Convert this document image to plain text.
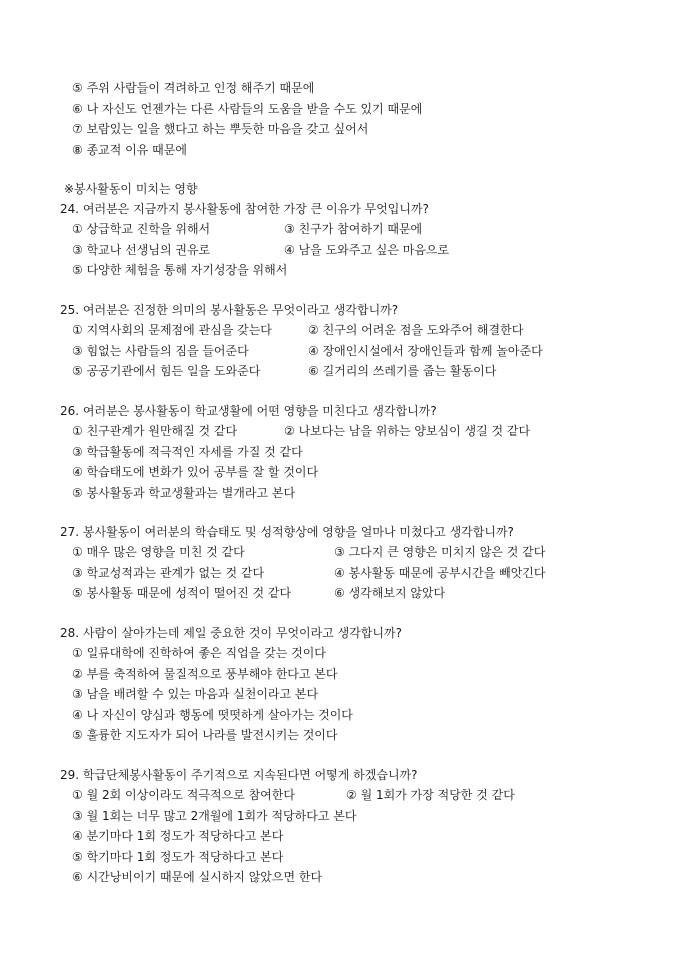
⑤ 주위 사람들이 격려하고 인정 해주기 때문에
⑥ 나 자신도 언젠가는 다른 사람들의 도움을 받을 수도 있기 때문에
⑦ 보람있는 일을 했다고 하는 뿌듯한 마음을 갖고 싶어서
⑧ 종교적 이유 때문에
※봉사활동이 미치는 영향
24. 여러분은 지금까지 봉사활동에 참여한 가장 큰 이유가 무엇입니까?
① 상급학교 진학을 위해서	③ 친구가 참여하기 때문에
③ 학교나 선생님의 권유로	④ 남을 도와주고 싶은 마음으로
⑤ 다양한 체험을 통해 자기성장을 위해서
25. 여러분은 진정한 의미의 봉사활동은 무엇이라고 생각합니까?
① 지역사회의 문제점에 관심을 갖는다	② 친구의 어려운 점을 도와주어 해결한다
③ 힘없는 사람들의 짐을 들어준다	④ 장애인시설에서 장애인들과 함께 놀아준다
⑤ 공공기관에서 힘든 일을 도와준다	⑥ 길거리의 쓰레기를 줍는 활동이다
26. 여러분은 봉사활동이 학교생활에 어떤 영향을 미친다고 생각합니까?
① 친구관계가 원만해질 것 같다	② 나보다는 남을 위하는 양보심이 생길 것 같다
③ 학급활동에 적극적인 자세를 가질 것 같다
④ 학습태도에 변화가 있어 공부를 잘 할 것이다
⑤ 봉사활동과 학교생활과는 별개라고 본다
27. 봉사활동이 여러분의 학습태도 및 성적향상에 영향을 얼마나 미쳤다고 생각합니까?
① 매우 많은 영향을 미친 것 같다	③ 그다지 큰 영향은 미치지 않은 것 같다
③ 학교성적과는 관계가 없는 것 같다	④ 봉사활동 때문에 공부시간을 빼앗긴다
⑤ 봉사활동 때문에 성적이 떨어진 것 같다	⑥ 생각해보지 않았다
28. 사람이 살아가는데 제일 중요한 것이 무엇이라고 생각합니까?
① 일류대학에 진학하여 좋은 직업을 갖는 것이다
② 부를 축적하여 물질적으로 풍부해야 한다고 본다
③ 남을 배려할 수 있는 마음과 실천이라고 본다
④ 나 자신이 양심과 행동에 떳떳하게 살아가는 것이다
⑤ 훌륭한 지도자가 되어 나라를 발전시키는 것이다
29. 학급단체봉사활동이 주기적으로 지속된다면 어떻게 하겠습니까?
① 월 2회 이상이라도 적극적으로 참여한다	② 월 1회가 가장 적당한 것 같다
③ 월 1회는 너무 많고 2개월에 1회가 적당하다고 본다
④ 분기마다 1회 정도가 적당하다고 본다
⑤ 학기마다 1회 정도가 적당하다고 본다
⑥ 시간낭비이기 때문에 실시하지 않았으면 한다
